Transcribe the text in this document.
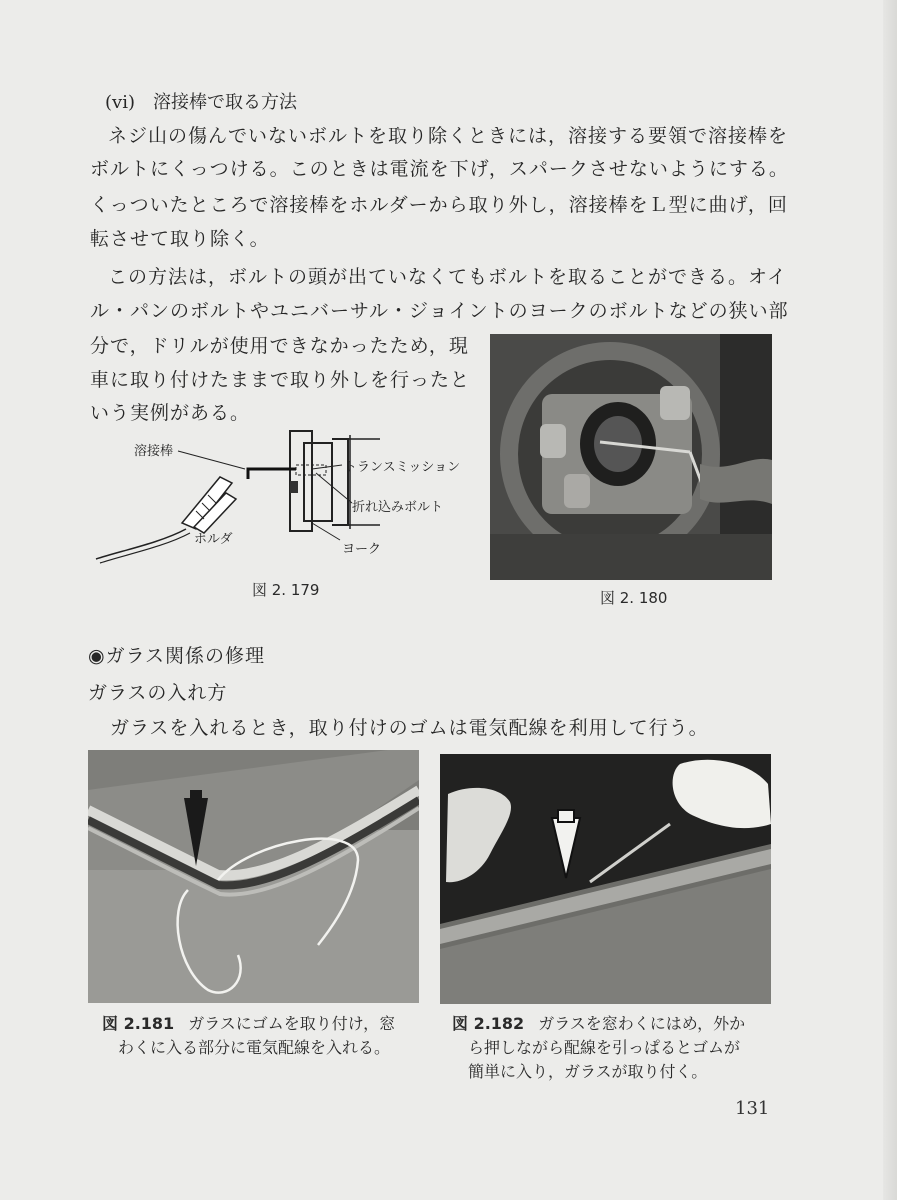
(vi)　溶接棒で取る方法
ネジ山の傷んでいないボルトを取り除くときには，溶接する要領で溶接棒を
ボルトにくっつける。このときは電流を下げ，スパークさせないようにする。
くっついたところで溶接棒をホルダーから取り外し，溶接棒をＬ型に曲げ，回
転させて取り除く。
この方法は，ボルトの頭が出ていなくてもボルトを取ることができる。オイ
ル・パンのボルトやユニバーサル・ジョイントのヨークのボルトなどの狭い部
分で，ドリルが使用できなかったため，現
車に取り付けたままで取り外しを行ったと
いう実例がある。
溶接棒
トランスミッション
折れ込みボルト
ホルダ
ヨーク
図 2. 179	図 2. 180
◉ガラス関係の修理
ガラスの入れ方
ガラスを入れるとき，取り付けのゴムは電気配線を利用して行う。
図 2.181 ガラスにゴムを取り付け，窓
わくに入る部分に電気配線を入れる。
図 2.182 ガラスを窓わくにはめ，外か
ら押しながら配線を引っぱるとゴムが
簡単に入り，ガラスが取り付く。
131
